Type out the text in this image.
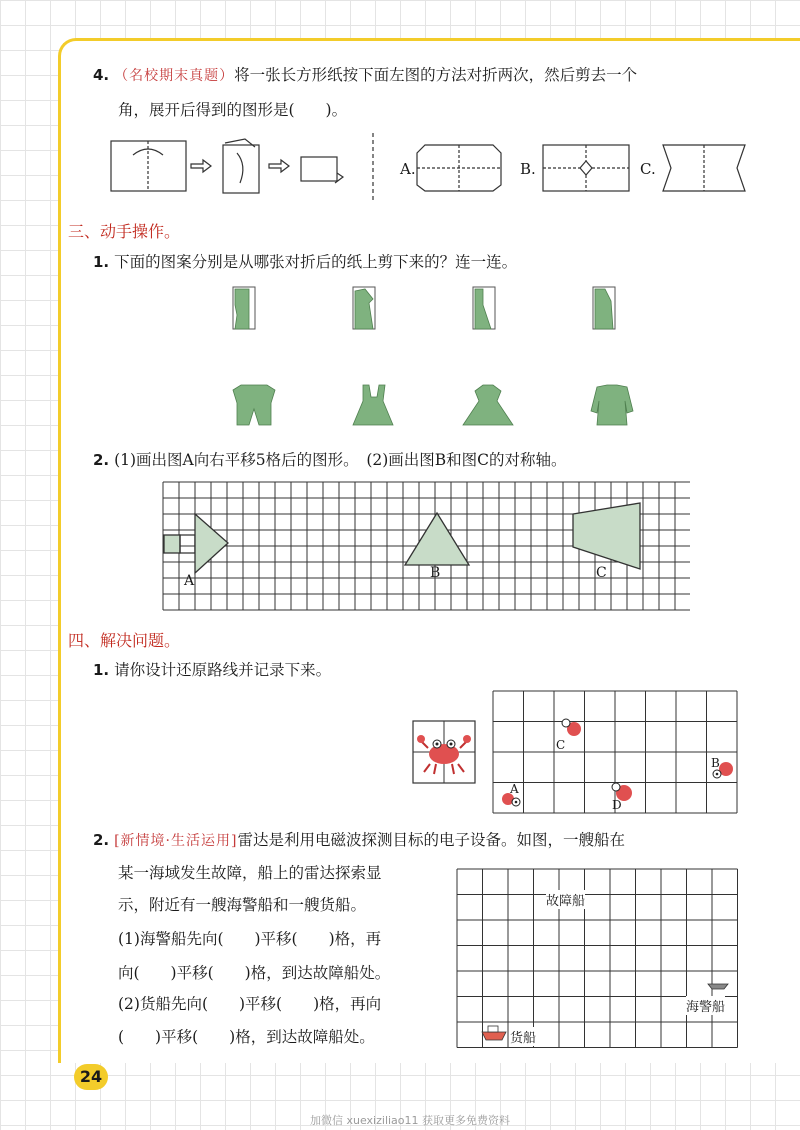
4. （名校期末真题）将一张长方形纸按下面左图的方法对折两次，然后剪去一个
角，展开后得到的图形是(　　)。
A.	B.	C.
三、动手操作。
1. 下面的图案分别是从哪张对折后的纸上剪下来的？连一连。
2. (1)画出图A向右平移5格后的图形。　(2)画出图B和图C的对称轴。
A	B	C
四、解决问题。
1. 请你设计还原路线并记录下来。
A
B
C
D
2. [新情境·生活运用]雷达是利用电磁波探测目标的电子设备。如图，一艘船在
某一海域发生故障，船上的雷达探索显
示，附近有一艘海警船和一艘货船。
(1)海警船先向(　　)平移(　　)格，再
向(　　)平移(　　)格，到达故障船处。
(2)货船先向(　　)平移(　　)格，再向
(　　)平移(　　)格，到达故障船处。
故障船
海警船
货船
24
加微信 xuexiziliao11 获取更多免费资料
